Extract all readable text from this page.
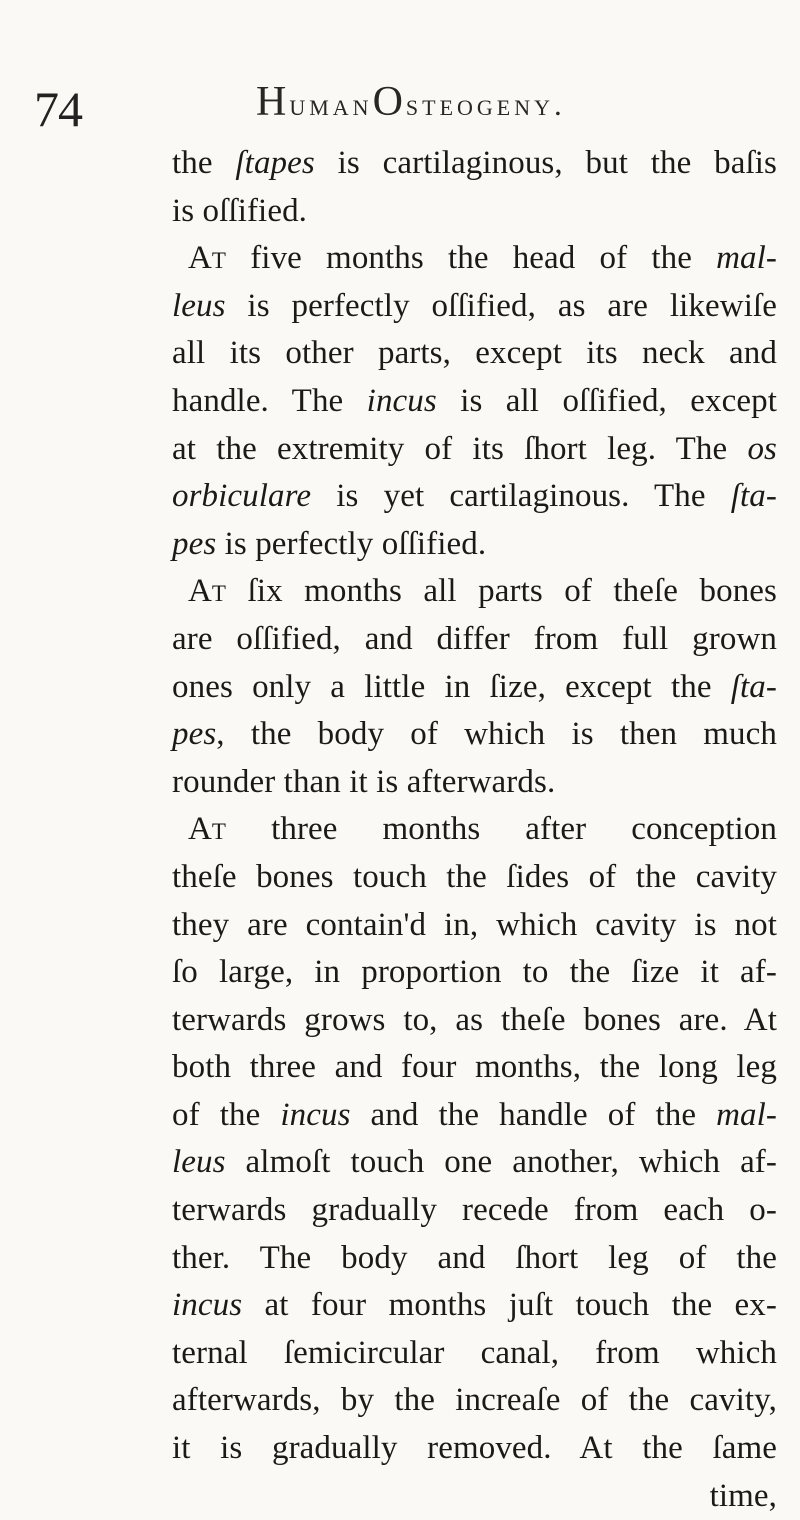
74	HumanOsteogeny.
the ſtapes is cartilaginous, but the baſis
is oſſified.
At five months the head of the mal-
leus is perfectly oſſified, as are likewiſe
all its other parts, except its neck and
handle. The incus is all oſſified, except
at the extremity of its ſhort leg. The os
orbiculare is yet cartilaginous. The ſta-
pes is perfectly oſſified.
At ſix months all parts of theſe bones
are oſſified, and differ from full grown
ones only a little in ſize, except the ſta-
pes, the body of which is then much
rounder than it is afterwards.
At three months after conception
theſe bones touch the ſides of the cavity
they are contain'd in, which cavity is not
ſo large, in proportion to the ſize it af-
terwards grows to, as theſe bones are. At
both three and four months, the long leg
of the incus and the handle of the mal-
leus almoſt touch one another, which af-
terwards gradually recede from each o-
ther. The body and ſhort leg of the
incus at four months juſt touch the ex-
ternal ſemicircular canal, from which
afterwards, by the increaſe of the cavity,
it is gradually removed. At the ſame
time,
